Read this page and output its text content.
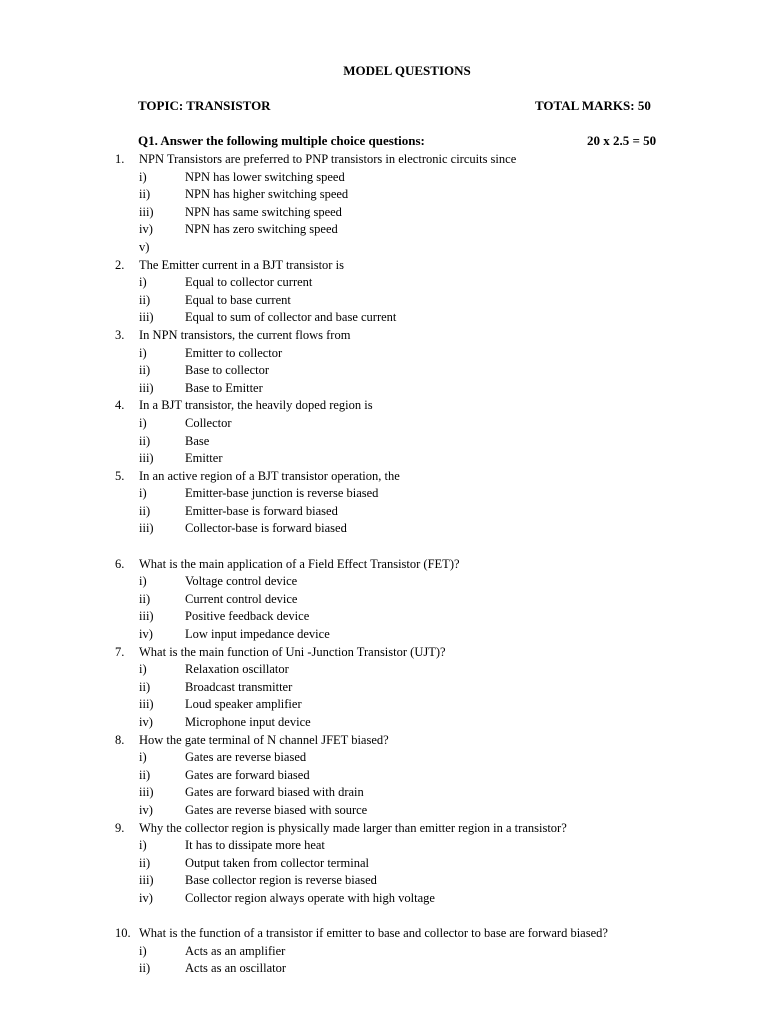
MODEL QUESTIONS
TOPIC: TRANSISTOR	TOTAL MARKS: 50
Q1. Answer the following multiple choice questions:	20 x 2.5 = 50
1. NPN Transistors are preferred to PNP transistors in electronic circuits since
i)	NPN has lower switching speed
ii)	NPN has higher switching speed
iii)	NPN has same switching speed
iv)	NPN has zero switching speed
v)
2. The Emitter current in a BJT transistor is
i)	Equal to collector current
ii)	Equal to base current
iii)	Equal to sum of collector and base current
3. In NPN transistors, the current flows from
i)	Emitter to collector
ii)	Base to collector
iii)	Base to Emitter
4. In a BJT transistor, the heavily doped region is
i)	Collector
ii)	Base
iii)	Emitter
5. In an active region of a BJT transistor operation, the
i)	Emitter-base junction is reverse biased
ii)	Emitter-base is forward biased
iii)	Collector-base is forward biased
6. What is the main application of a Field Effect Transistor (FET)?
i)	Voltage control device
ii)	Current control device
iii)	Positive feedback device
iv)	Low input impedance device
7. What is the main function of Uni -Junction Transistor (UJT)?
i)	Relaxation oscillator
ii)	Broadcast transmitter
iii)	Loud speaker amplifier
iv)	Microphone input device
8. How the gate terminal of N channel JFET biased?
i)	Gates are reverse biased
ii)	Gates are forward biased
iii)	Gates are forward biased with drain
iv)	Gates are reverse biased with source
9. Why the collector region is physically made larger than emitter region in a transistor?
i)	It has to dissipate more heat
ii)	Output taken from collector terminal
iii)	Base collector region is reverse biased
iv)	Collector region always operate with high voltage
10. What is the function of a transistor if emitter to base and collector to base are forward biased?
i)	Acts as an amplifier
ii)	Acts as an oscillator
